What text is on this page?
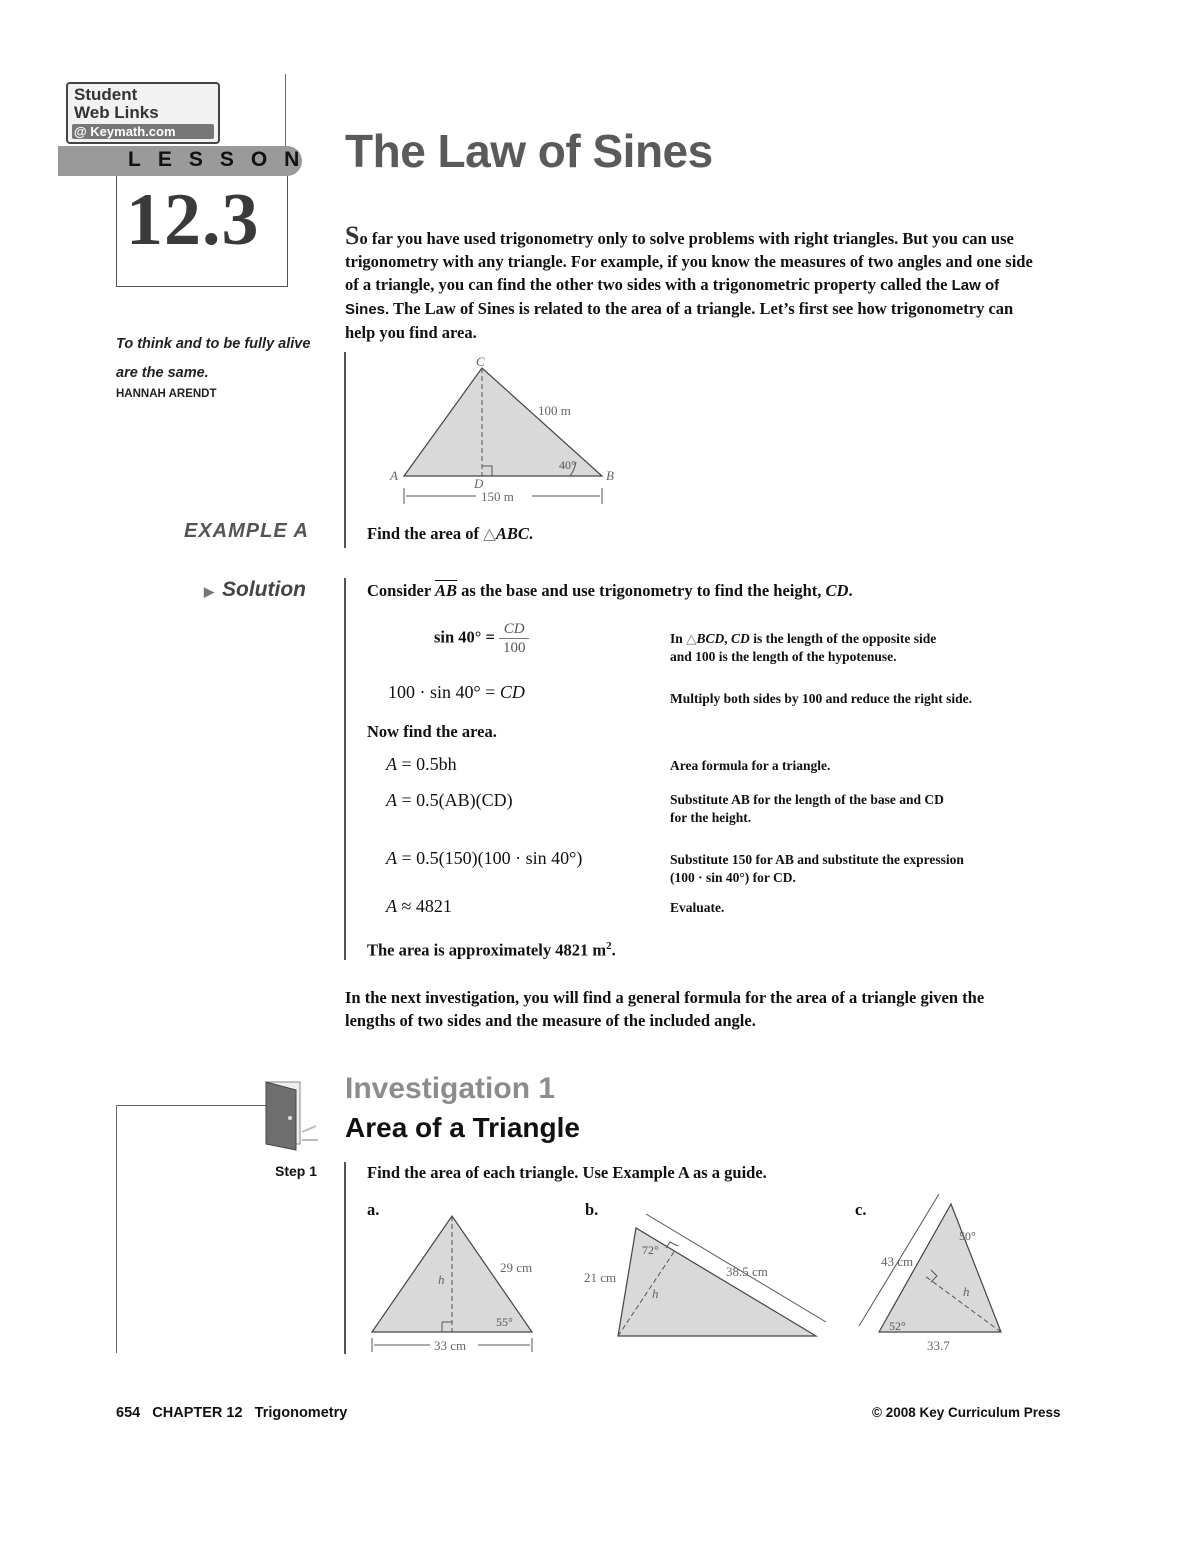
Student
Web Links
@ Keymath.com
LESSON
12.3
The Law of Sines
So far you have used trigonometry only to solve problems with right triangles. But you can use trigonometry with any triangle. For example, if you know the measures of two angles and one side of a triangle, you can find the other two sides with a trigonometric property called the Law of Sines. The Law of Sines is related to the area of a triangle. Let’s first see how trigonometry can help you find area.
To think and to be fully alive are the same.
HANNAH ARENDT
C
A	B
D
100 m
40°
150 m
EXAMPLE A	Find the area of △ABC.
▶ Solution	Consider $\overline{AB}$ as the base and use trigonometry to find the height, CD.
$\sin 40^\circ = \frac{CD}{100}$	In △BCD, CD is the length of the opposite side
and 100 is the length of the hypotenuse.
100 · sin 40° = CD	Multiply both sides by 100 and reduce the right side.
Now find the area.
A = 0.5bh	Area formula for a triangle.
A = 0.5(AB)(CD)	Substitute AB for the length of the base and CD
for the height.
A = 0.5(150)(100 · sin 40°)	Substitute 150 for AB and substitute the expression
(100 · sin 40°) for CD.
A ≈ 4821	Evaluate.
The area is approximately 4821 $m^2$.
In the next investigation, you will find a general formula for the area of a triangle given the lengths of two sides and the measure of the included angle.
Investigation 1
Area of a Triangle
Step 1	Find the area of each triangle. Use Example A as a guide.
a.
h
29 cm
55°
33 cm
b.
72°
h
21 cm	38.5 cm
c.
43 cm
50°
h
52°
33.7
654 CHAPTER 12 Trigonometry	© 2008 Key Curriculum Press
